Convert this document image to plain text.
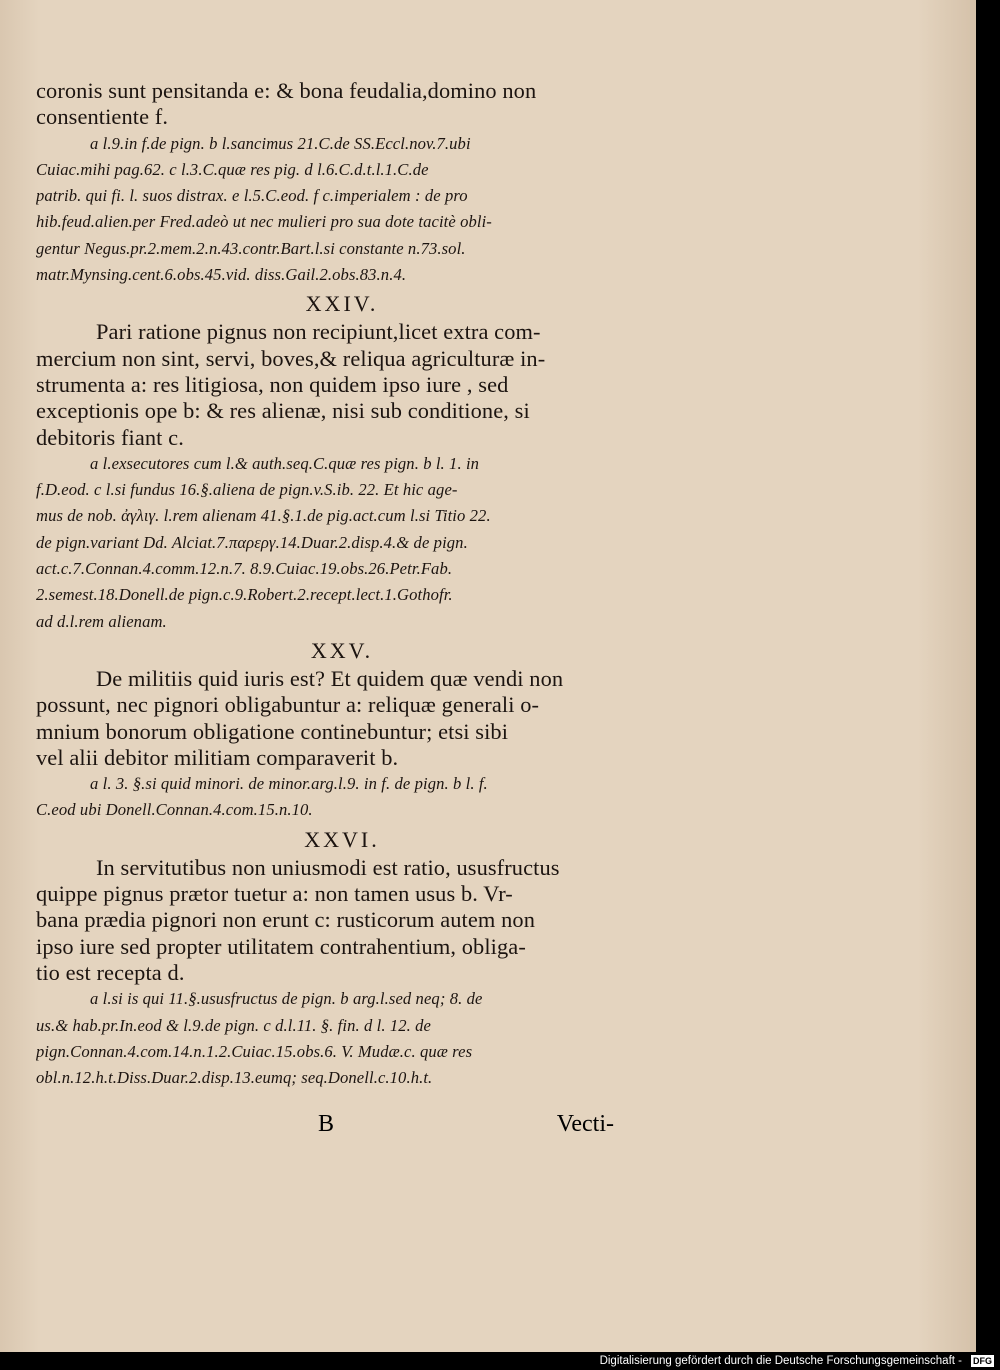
coronis sunt pensitanda e: & bona feudalia,domino non

consentiente f.

a l.9.in f.de pign. b l.sancimus 21.C.de SS.Eccl.nov.7.ubi

Cuiac.mihi pag.62. c l.3.C.quæ res pig. d l.6.C.d.t.l.1.C.de

patrib. qui fi. l. suos distrax. e l.5.C.eod. f c.imperialem : de pro

hib.feud.alien.per Fred.adeò ut nec mulieri pro sua dote tacitè obli-

gentur Negus.pr.2.mem.2.n.43.contr.Bart.l.si constante n.73.sol.

matr.Mynsing.cent.6.obs.45.vid. diss.Gail.2.obs.83.n.4.

XXIV.

Pari ratione pignus non recipiunt,licet extra com-

mercium non sint, servi, boves,& reliqua agriculturæ in-

strumenta a: res litigiosa, non quidem ipso iure , sed

exceptionis ope b: & res alienæ, nisi sub conditione, si

debitoris fiant c.

a l.exsecutores cum l.& auth.seq.C.quæ res pign. b l. 1. in

f.D.eod. c l.si fundus 16.§.aliena de pign.v.S.ib. 22. Et hic age-

mus de nob. ἀγλιγ. l.rem alienam 41.§.1.de pig.act.cum l.si Titio 22.

de pign.variant Dd. Alciat.7.παρεργ.14.Duar.2.disp.4.& de pign.

act.c.7.Connan.4.comm.12.n.7. 8.9.Cuiac.19.obs.26.Petr.Fab.

2.semest.18.Donell.de pign.c.9.Robert.2.recept.lect.1.Gothofr.

ad d.l.rem alienam.

XXV.

De militiis quid iuris est? Et quidem quæ vendi non

possunt, nec pignori obligabuntur a: reliquæ generali o-

mnium bonorum obligatione continebuntur; etsi sibi

vel alii debitor militiam comparaverit b.

a l. 3. §.si quid minori. de minor.arg.l.9. in f. de pign. b l. f.

C.eod ubi Donell.Connan.4.com.15.n.10.

XXVI.

In servitutibus non uniusmodi est ratio, ususfructus

quippe pignus prætor tuetur a: non tamen usus b. Vr-

bana prædia pignori non erunt c: rusticorum autem non

ipso iure sed propter utilitatem contrahentium, obliga-

tio est recepta d.

a l.si is qui 11.§.ususfructus de pign. b arg.l.sed neq; 8. de

us.& hab.pr.In.eod & l.9.de pign. c d.l.11. §. fin. d l. 12. de

pign.Connan.4.com.14.n.1.2.Cuiac.15.obs.6. V. Mudæ.c. quæ res

obl.n.12.h.t.Diss.Duar.2.disp.13.eumq; seq.Donell.c.10.h.t.

B	Vecti-
Digitalisierung gefördert durch die Deutsche Forschungsgemeinschaft - DFG
